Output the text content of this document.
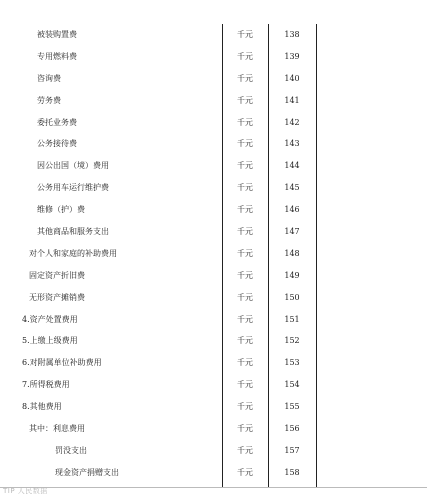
被装购置费	千元	138
专用燃料费	千元	139
咨询费	千元	140
劳务费	千元	141
委托业务费	千元	142
公务接待费	千元	143
因公出国（境）费用	千元	144
公务用车运行维护费	千元	145
维修（护）费	千元	146
其他商品和服务支出	千元	147
对个人和家庭的补助费用	千元	148
固定资产折旧费	千元	149
无形资产摊销费	千元	150
4.资产处置费用	千元	151
5.上缴上级费用	千元	152
6.对附属单位补助费用	千元	153
7.所得税费用	千元	154
8.其他费用	千元	155
其中：利息费用	千元	156
罚没支出	千元	157
现金资产捐赠支出	千元	158
TIP 人民数据
